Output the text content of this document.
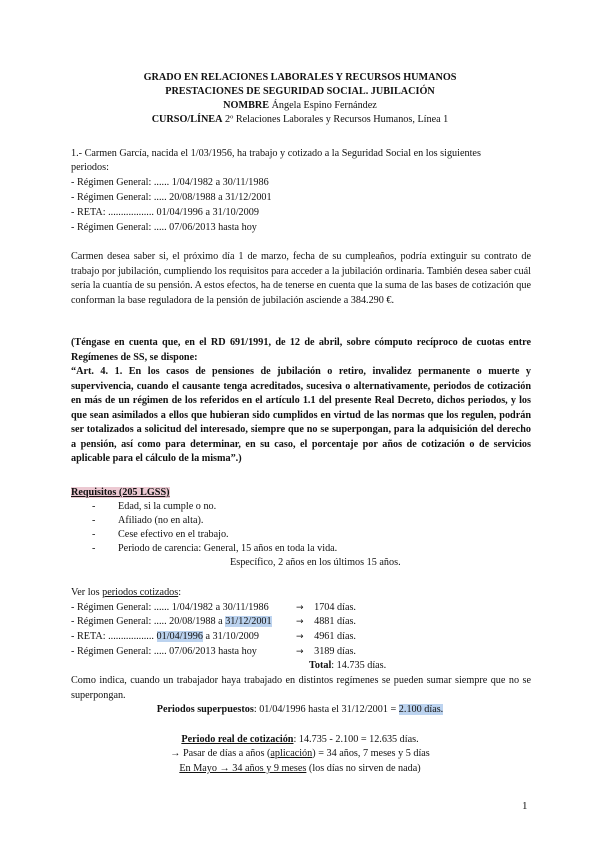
GRADO EN RELACIONES LABORALES Y RECURSOS HUMANOS
PRESTACIONES DE SEGURIDAD SOCIAL. JUBILACIÓN
NOMBRE Ángela Espino Fernández
CURSO/LÍNEA 2º Relaciones Laborales y Recursos Humanos, Línea 1
1.- Carmen García, nacida el 1/03/1956, ha trabajo y cotizado a la Seguridad Social en los siguientes
periodos:
- Régimen General: ...... 1/04/1982 a 30/11/1986
- Régimen General: ..... 20/08/1988 a 31/12/2001
- RETA: .................. 01/04/1996 a 31/10/2009
- Régimen General: ..... 07/06/2013 hasta hoy
Carmen desea saber si, el próximo día 1 de marzo, fecha de su cumpleaños, podría extinguir su contrato de trabajo por jubilación, cumpliendo los requisitos para acceder a la jubilación ordinaria. También desea saber cuál sería la cuantía de su pensión. A estos efectos, ha de tenerse en cuenta que la suma de las bases de cotización que conforman la base reguladora de la pensión de jubilación asciende a 384.290 €.
(Téngase en cuenta que, en el RD 691/1991, de 12 de abril, sobre cómputo recíproco de cuotas entre Regímenes de SS, se dispone:
“Art. 4. 1. En los casos de pensiones de jubilación o retiro, invalidez permanente o muerte y supervivencia, cuando el causante tenga acreditados, sucesiva o alternativamente, periodos de cotización en más de un régimen de los referidos en el artículo 1.1 del presente Real Decreto, dichos periodos, y los que sean asimilados a ellos que hubieran sido cumplidos en virtud de las normas que los regulen, podrán ser totalizados a solicitud del interesado, siempre que no se superpongan, para la adquisición del derecho a pensión, así como para determinar, en su caso, el porcentaje por años de cotización o de servicios aplicable para el cálculo de la misma”.)
Requisitos (205 LGSS)
- Edad, si la cumple o no.
- Afiliado (no en alta).
- Cese efectivo en el trabajo.
- Periodo de carencia: General, 15 años en toda la vida.
Específico, 2 años en los últimos 15 años.
Ver los periodos cotizados:
- Régimen General: ...... 1/04/1982 a 30/11/1986	→ 1704 días.
- Régimen General: ..... 20/08/1988 a 31/12/2001	→ 4881 días.
- RETA: .................. 01/04/1996 a 31/10/2009	→ 4961 días.
- Régimen General: ..... 07/06/2013 hasta hoy	→ 3189 días.
Total: 14.735 días.
Como indica, cuando un trabajador haya trabajado en distintos regímenes se pueden sumar siempre que no se superpongan.
Periodos superpuestos: 01/04/1996 hasta el 31/12/2001 = 2.100 días.
Periodo real de cotización: 14.735 - 2.100 = 12.635 días.
→ Pasar de días a años (aplicación) = 34 años, 7 meses y 5 días
En Mayo → 34 años y 9 meses (los días no sirven de nada)
1
